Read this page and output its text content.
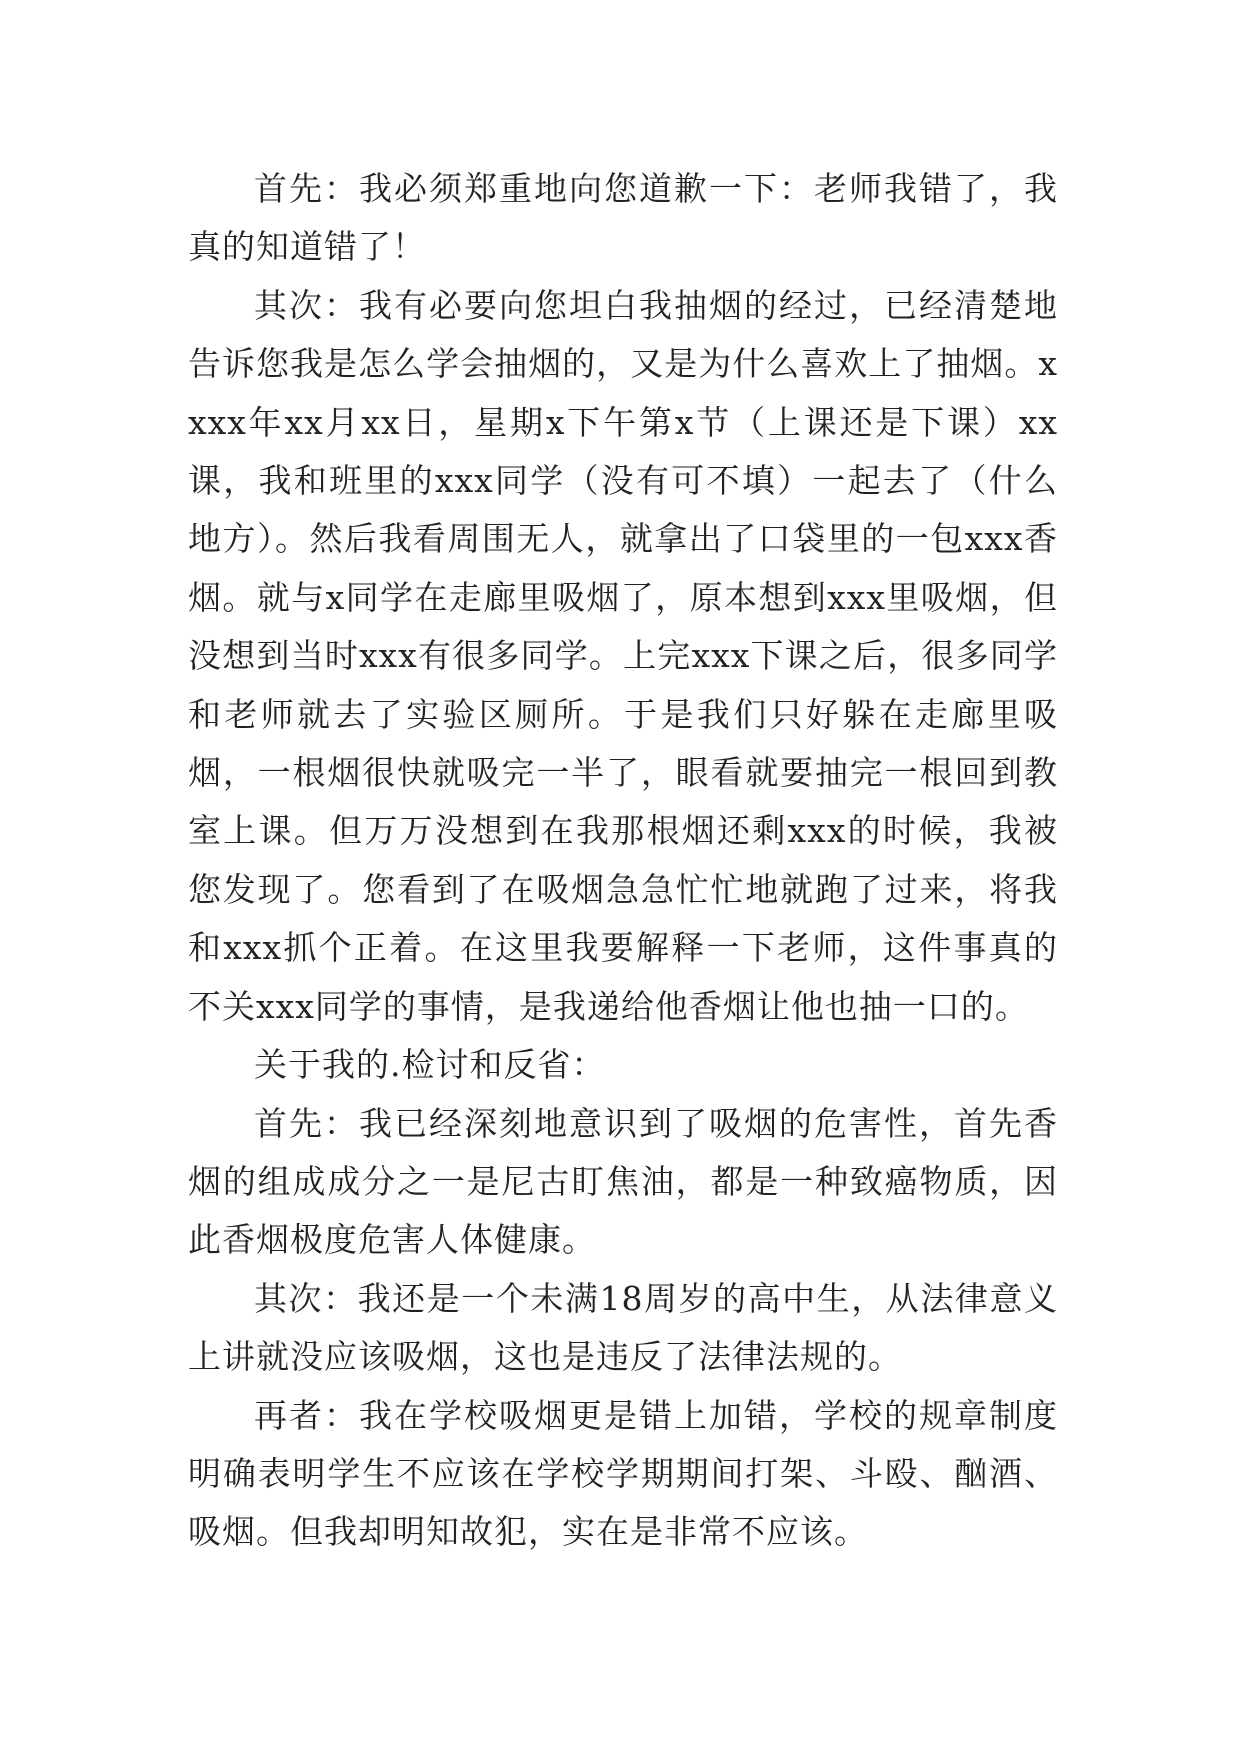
首先：我必须郑重地向您道歉一下：老师我错了，我真的知道错了！

其次：我有必要向您坦白我抽烟的经过，已经清楚地告诉您我是怎么学会抽烟的，又是为什么喜欢上了抽烟。xxxx年xx月xx日，星期x下午第x节（上课还是下课）xx课，我和班里的xxx同学（没有可不填）一起去了（什么地方）。然后我看周围无人，就拿出了口袋里的一包xxx香烟。就与x同学在走廊里吸烟了，原本想到xxx里吸烟，但没想到当时xxx有很多同学。上完xxx下课之后，很多同学和老师就去了实验区厕所。于是我们只好躲在走廊里吸烟，一根烟很快就吸完一半了，眼看就要抽完一根回到教室上课。但万万没想到在我那根烟还剩xxx的时候，我被您发现了。您看到了在吸烟急急忙忙地就跑了过来，将我和xxx抓个正着。在这里我要解释一下老师，这件事真的不关xxx同学的事情，是我递给他香烟让他也抽一口的。

关于我的.检讨和反省：

首先：我已经深刻地意识到了吸烟的危害性，首先香烟的组成成分之一是尼古盯焦油，都是一种致癌物质，因此香烟极度危害人体健康。

其次：我还是一个未满18周岁的高中生，从法律意义上讲就没应该吸烟，这也是违反了法律法规的。

再者：我在学校吸烟更是错上加错，学校的规章制度明确表明学生不应该在学校学期期间打架、斗殴、酗酒、吸烟。但我却明知故犯，实在是非常不应该。
